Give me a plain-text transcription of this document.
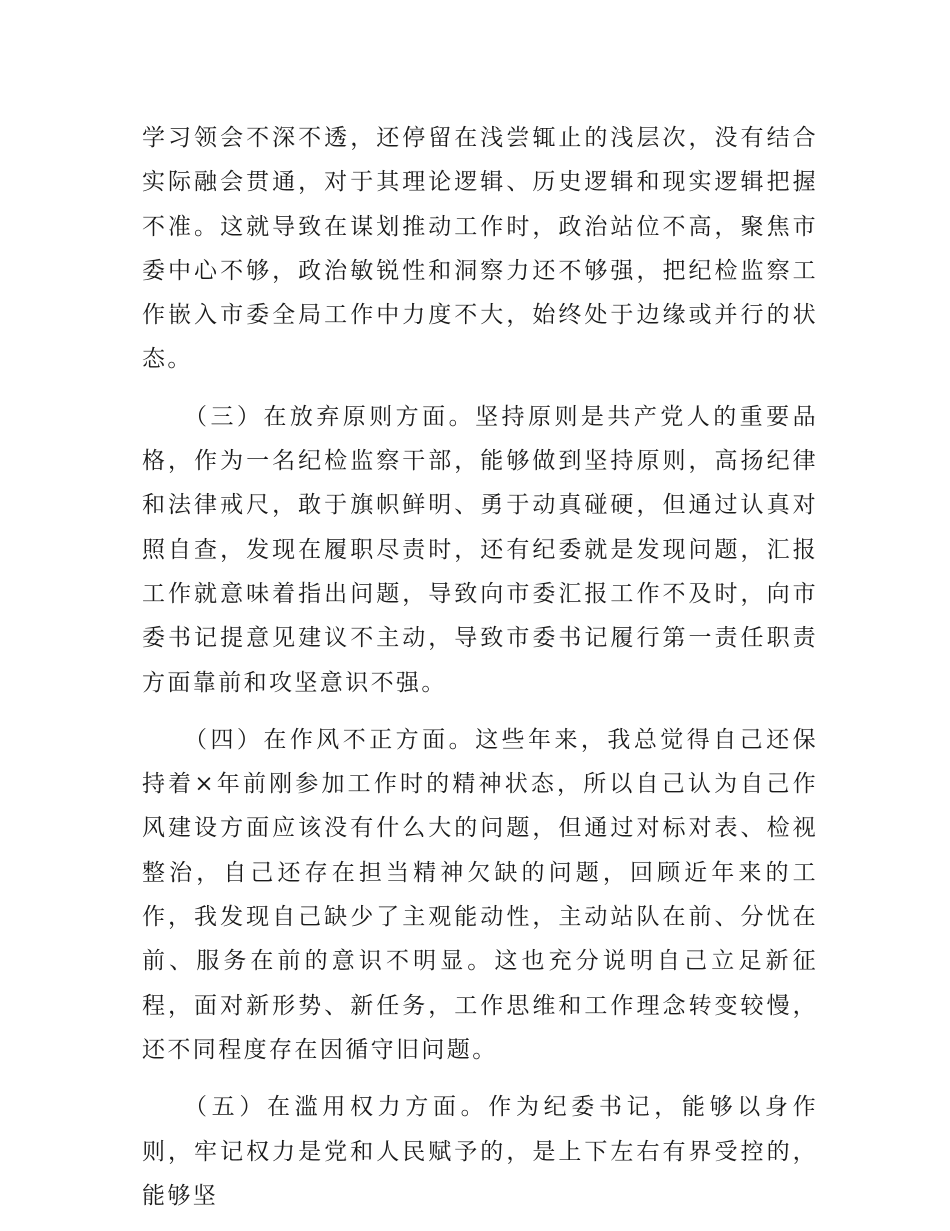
学习领会不深不透，还停留在浅尝辄止的浅层次，没有结合实际融会贯通，对于其理论逻辑、历史逻辑和现实逻辑把握不准。这就导致在谋划推动工作时，政治站位不高，聚焦市委中心不够，政治敏锐性和洞察力还不够强，把纪检监察工作嵌入市委全局工作中力度不大，始终处于边缘或并行的状态。

（三）在放弃原则方面。坚持原则是共产党人的重要品格，作为一名纪检监察干部，能够做到坚持原则，高扬纪律和法律戒尺，敢于旗帜鲜明、勇于动真碰硬，但通过认真对照自查，发现在履职尽责时，还有纪委就是发现问题，汇报工作就意味着指出问题，导致向市委汇报工作不及时，向市委书记提意见建议不主动，导致市委书记履行第一责任职责方面靠前和攻坚意识不强。

（四）在作风不正方面。这些年来，我总觉得自己还保持着×年前刚参加工作时的精神状态，所以自己认为自己作风建设方面应该没有什么大的问题，但通过对标对表、检视整治，自己还存在担当精神欠缺的问题，回顾近年来的工作，我发现自己缺少了主观能动性，主动站队在前、分忧在前、服务在前的意识不明显。这也充分说明自己立足新征程，面对新形势、新任务，工作思维和工作理念转变较慢，还不同程度存在因循守旧问题。

（五）在滥用权力方面。作为纪委书记，能够以身作则，牢记权力是党和人民赋予的，是上下左右有界受控的，能够坚
